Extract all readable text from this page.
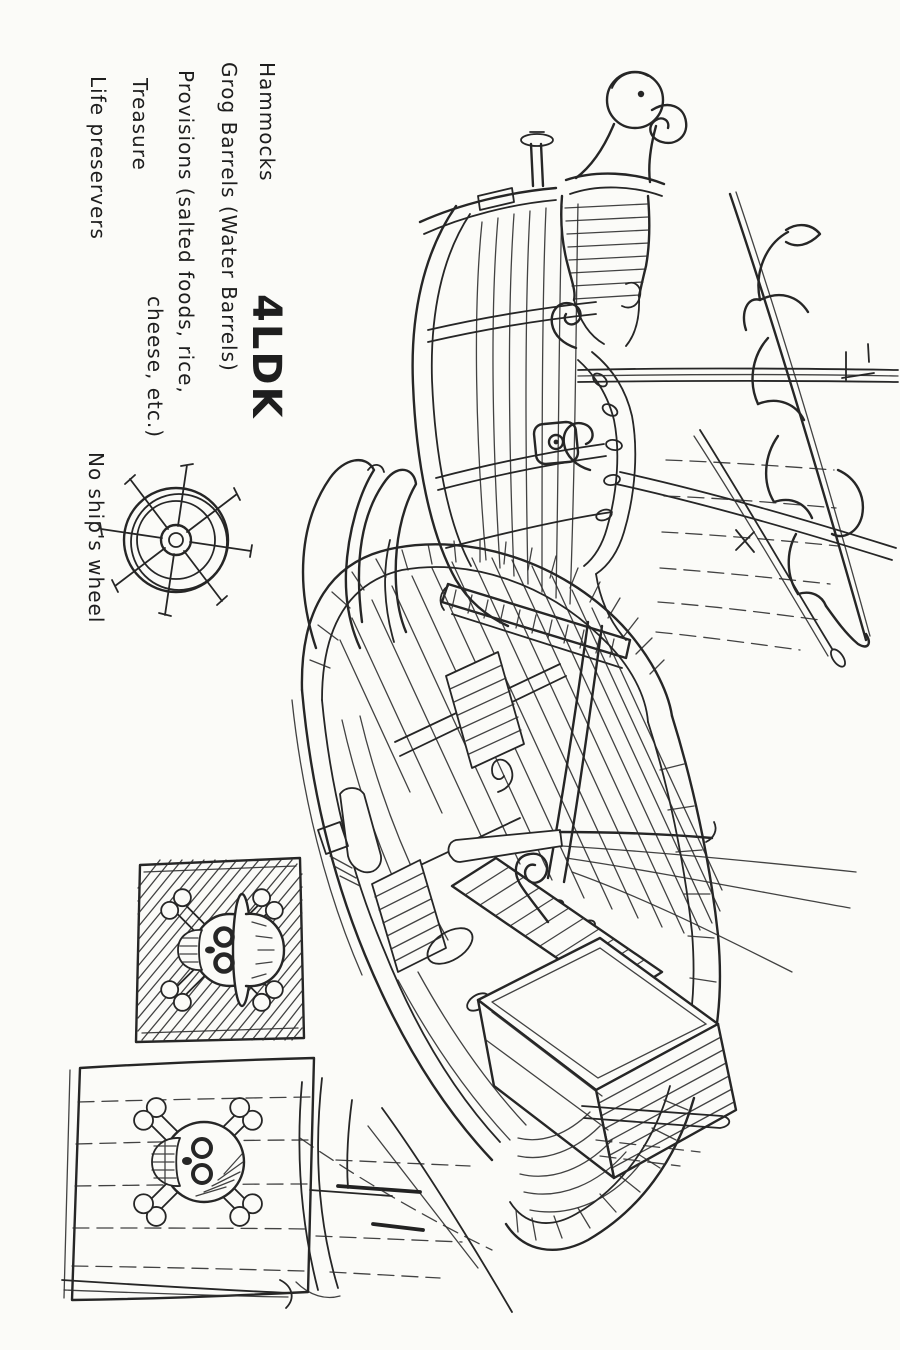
Hammocks
Grog Barrels (Water Barrels)
Provisions (salted foods, rice,
cheese, etc.)
Treasure
Life preservers
4LDK
No ship's wheel
